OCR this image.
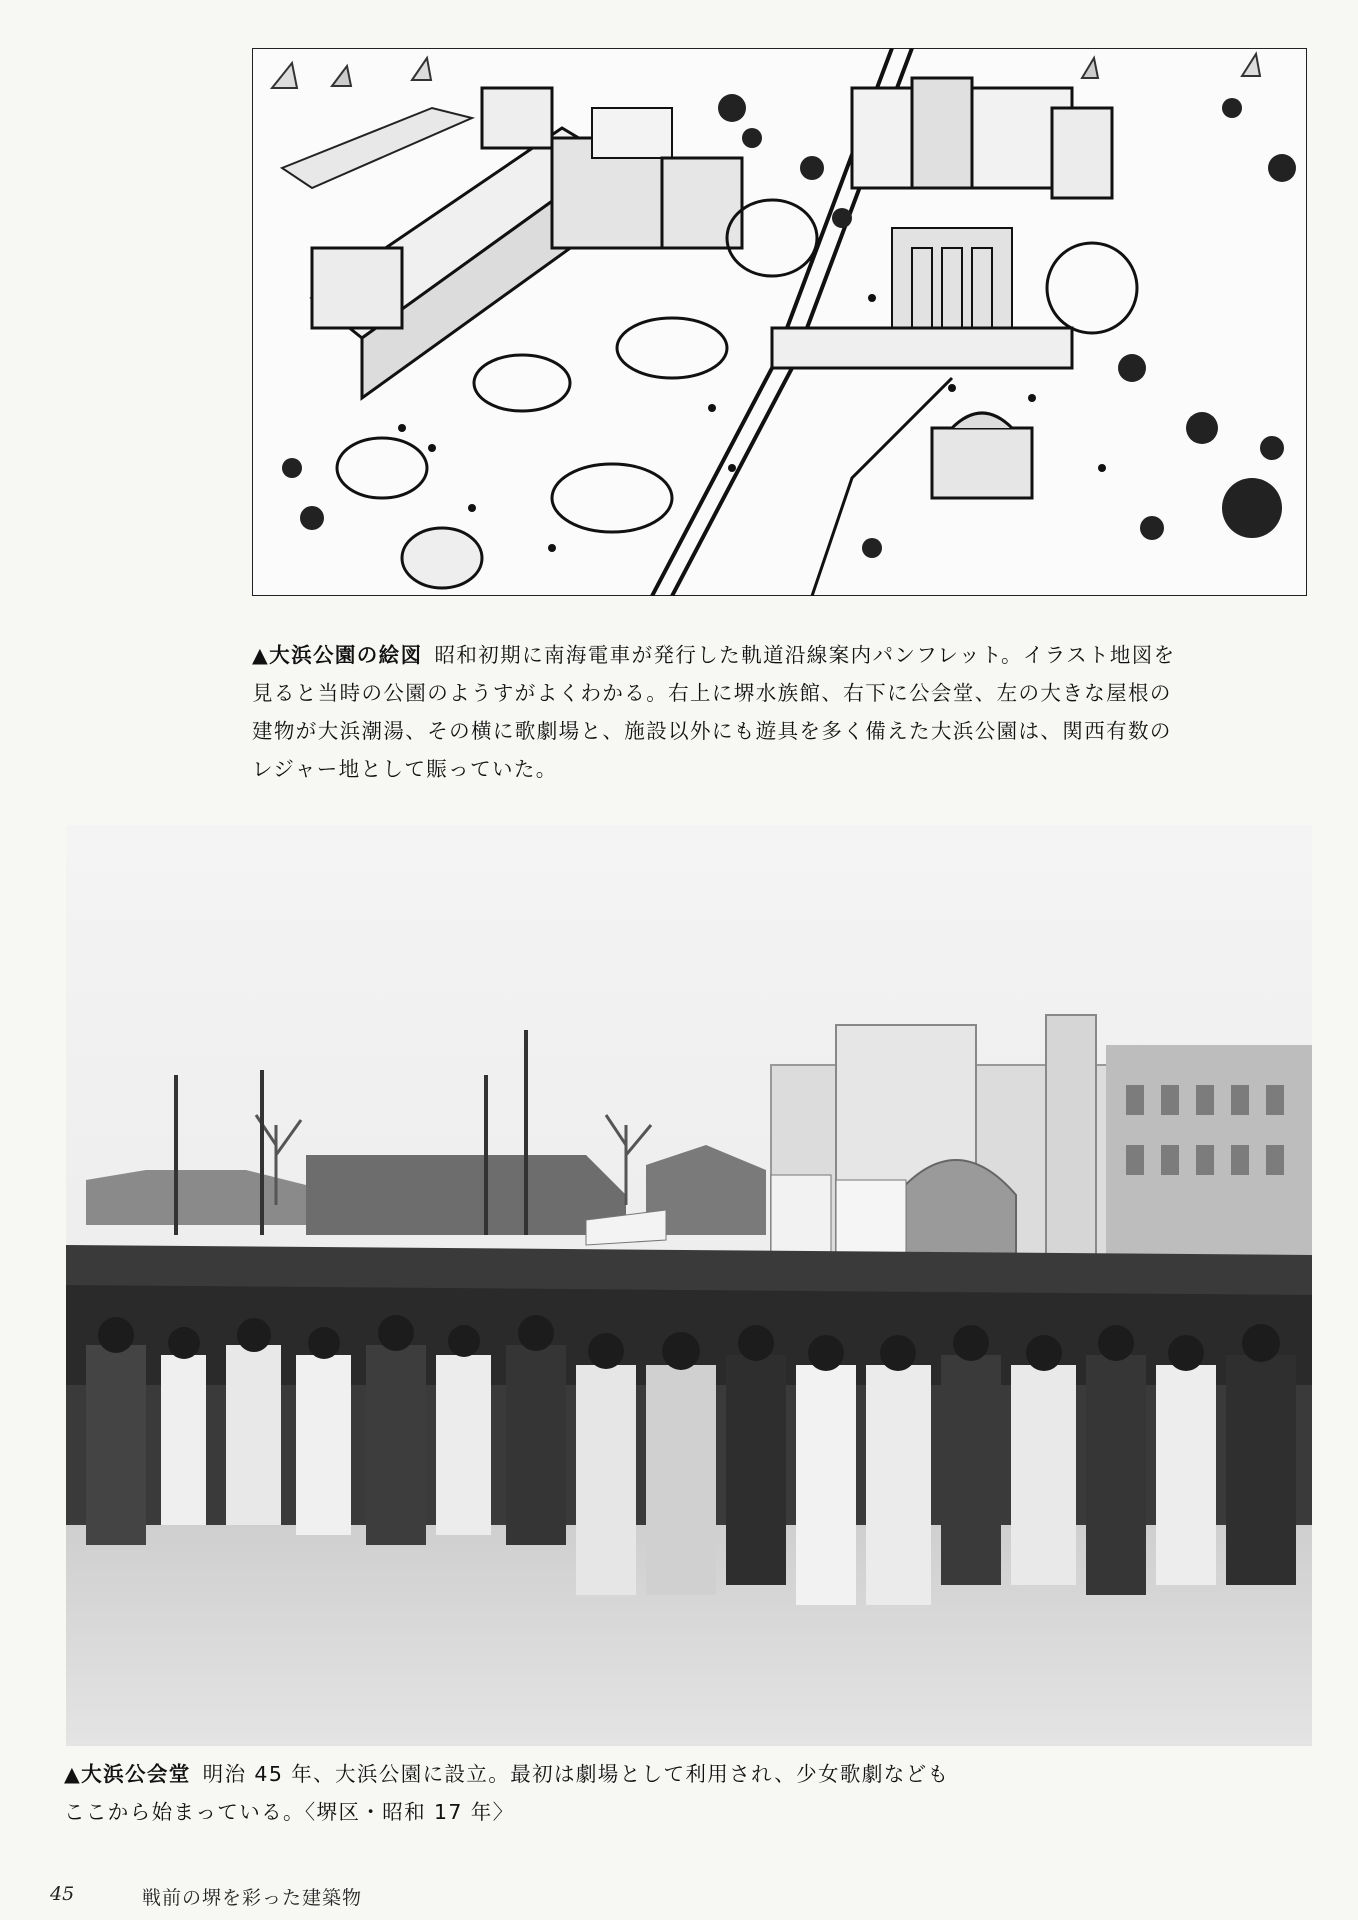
▲大浜公園の絵図 昭和初期に南海電車が発行した軌道沿線案内パンフレット。イラスト地図を見ると当時の公園のようすがよくわかる。右上に堺水族館、右下に公会堂、左の大きな屋根の建物が大浜潮湯、その横に歌劇場と、施設以外にも遊具を多く備えた大浜公園は、関西有数のレジャー地として賑っていた。
▲大浜公会堂 明治 45 年、大浜公園に設立。最初は劇場として利用され、少女歌劇などもここから始まっている。〈堺区・昭和 17 年〉
45	戦前の堺を彩った建築物
